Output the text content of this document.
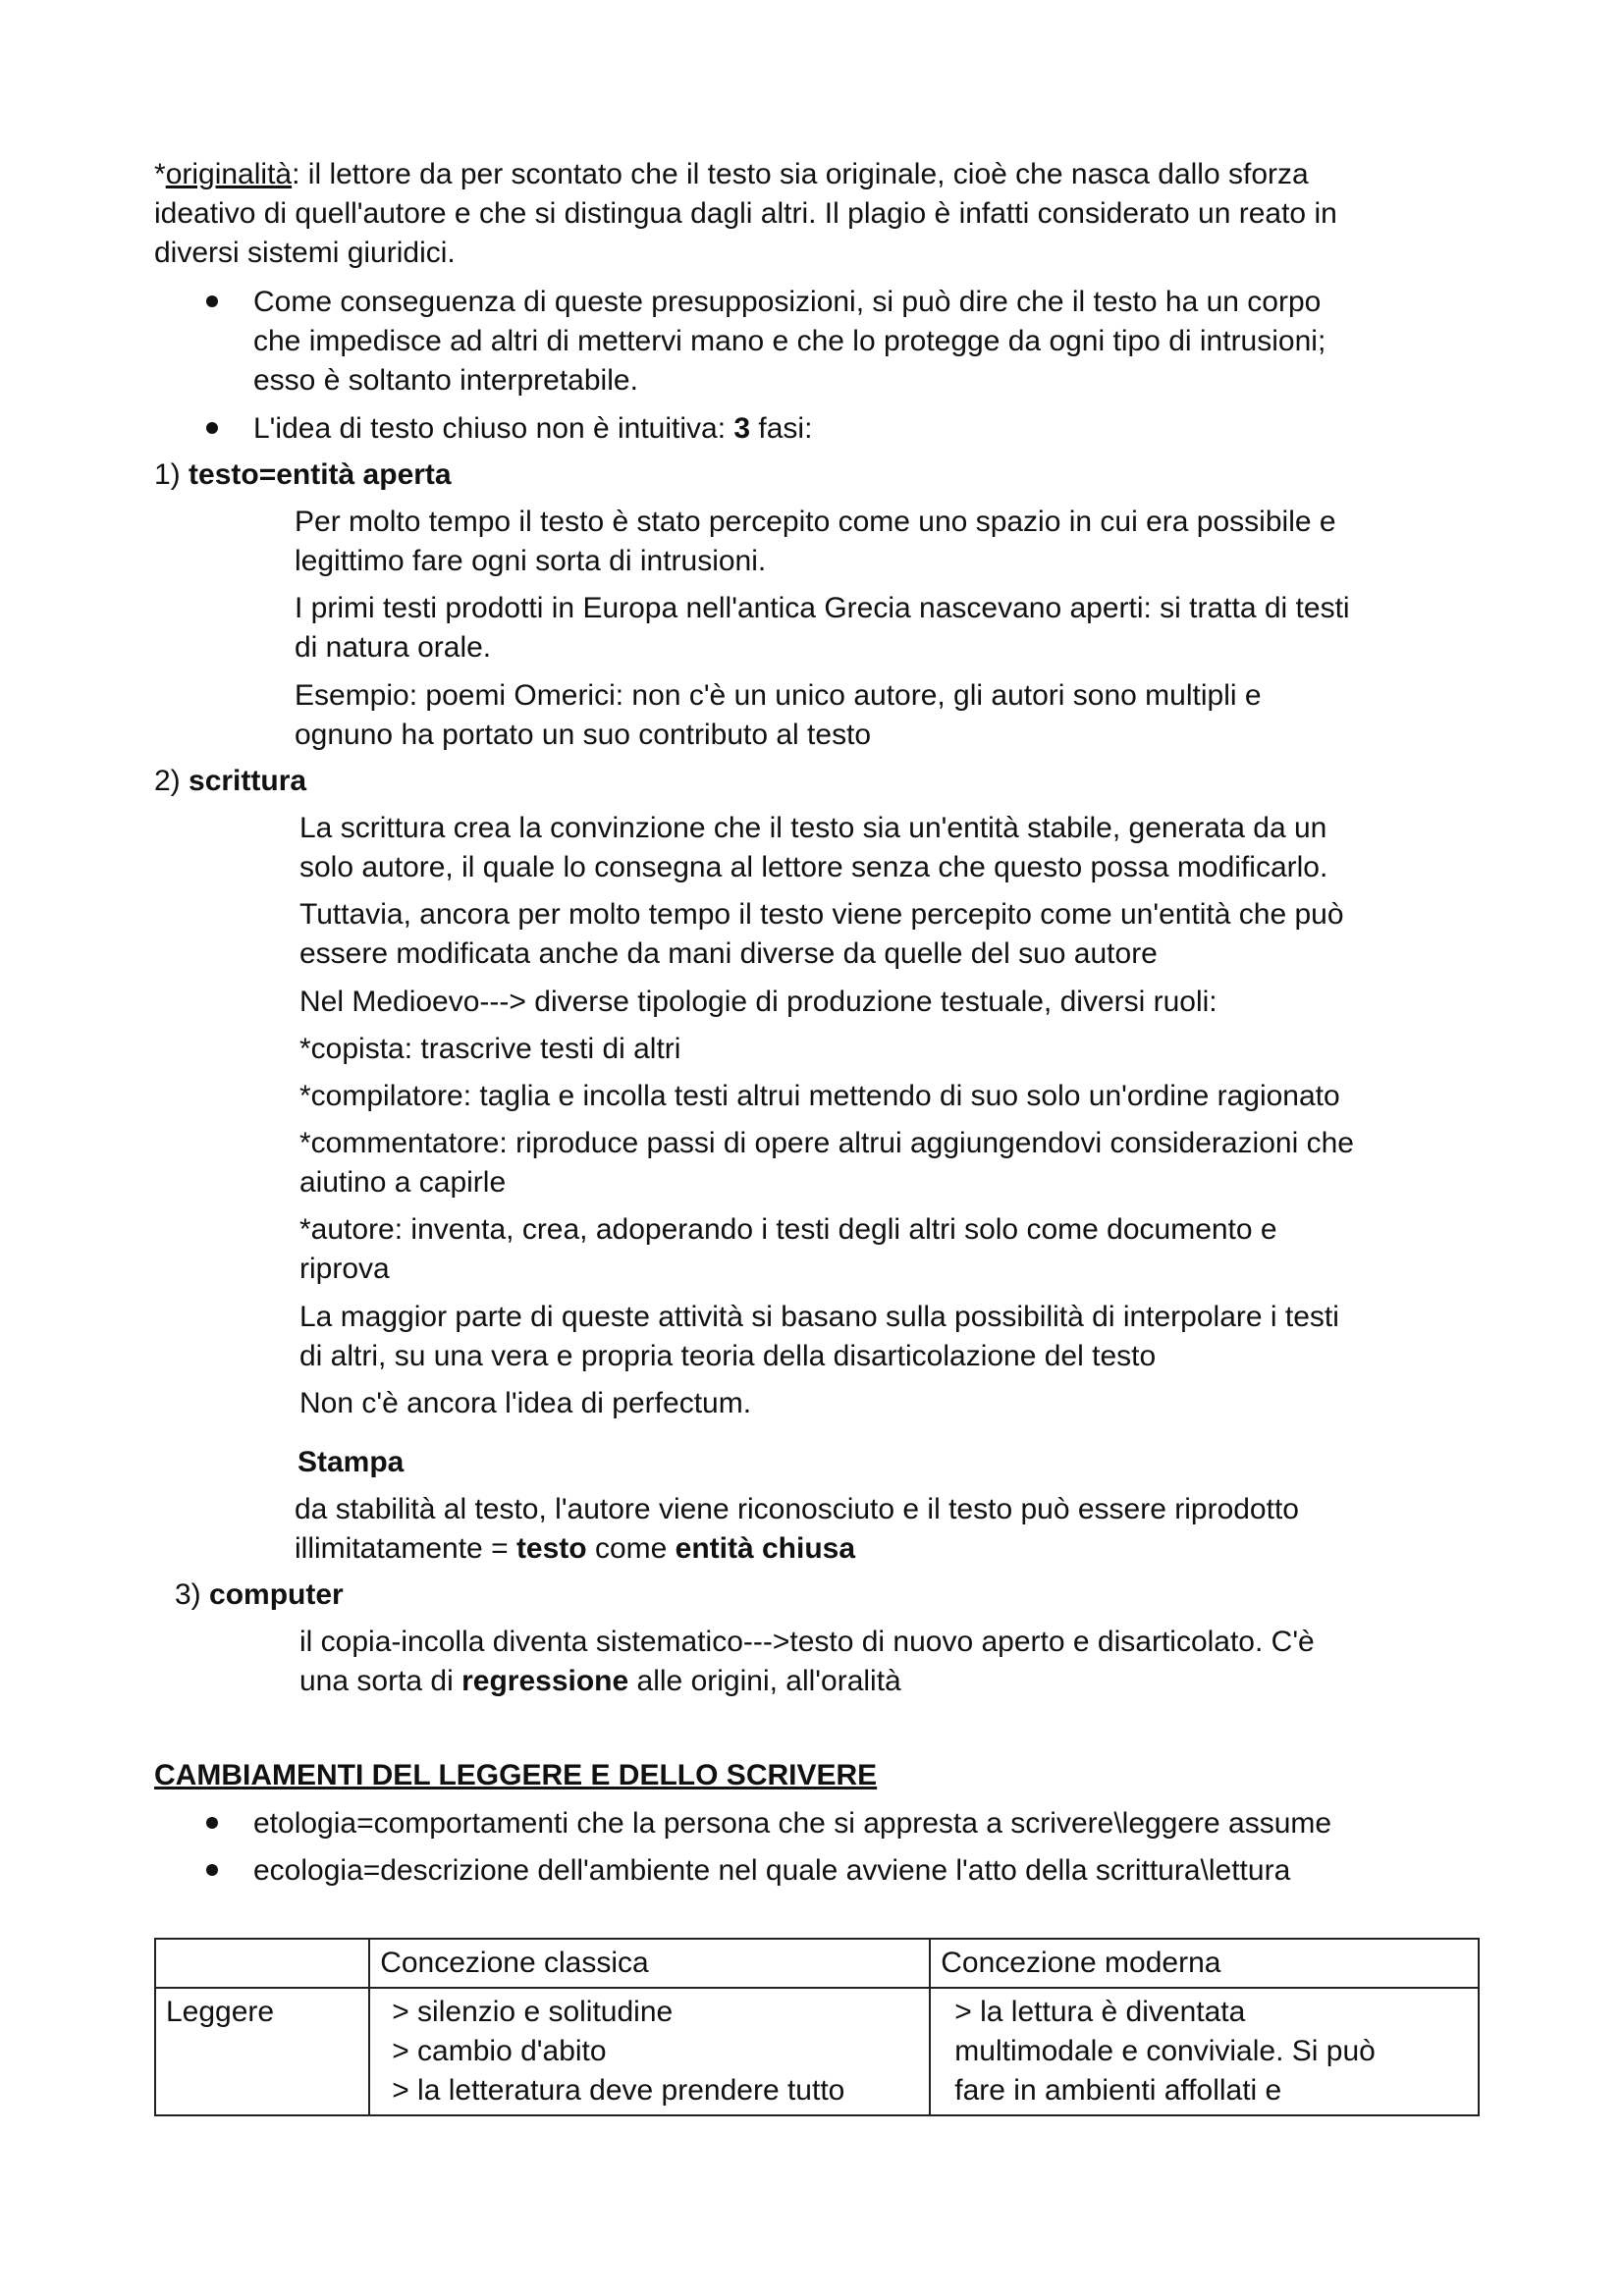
*originalità: il lettore da per scontato che il testo sia originale, cioè che nasca dallo sforza
ideativo di quell'autore e che si distingua dagli altri. Il plagio è infatti considerato un reato in
diversi sistemi giuridici.
Come conseguenza di queste presupposizioni, si può dire che il testo ha un corpo
che impedisce ad altri di mettervi mano e che lo protegge da ogni tipo di intrusioni;
esso è soltanto interpretabile.
L'idea di testo chiuso non è intuitiva: 3 fasi:
1) testo=entità aperta
Per molto tempo il testo è stato percepito come uno spazio in cui era possibile e
legittimo fare ogni sorta di intrusioni.
I primi testi prodotti in Europa nell'antica Grecia nascevano aperti: si tratta di testi
di natura orale.
Esempio: poemi Omerici: non c'è un unico autore, gli autori sono multipli e
ognuno ha portato un suo contributo al testo
2) scrittura
La scrittura crea la convinzione che il testo sia un'entità stabile, generata da un
solo autore, il quale lo consegna al lettore senza che questo possa modificarlo.
Tuttavia, ancora per molto tempo il testo viene percepito come un'entità che può
essere modificata anche da mani diverse da quelle del suo autore
Nel Medioevo---> diverse tipologie di produzione testuale, diversi ruoli:
*copista: trascrive testi di altri
*compilatore: taglia e incolla testi altrui mettendo di suo solo un'ordine ragionato
*commentatore: riproduce passi di opere altrui aggiungendovi considerazioni che
aiutino a capirle
*autore: inventa, crea, adoperando i testi degli altri solo come documento e
riprova
La maggior parte di queste attività si basano sulla possibilità di interpolare i testi
di altri, su una vera e propria teoria della disarticolazione del testo
Non c'è ancora l'idea di perfectum.
Stampa
da stabilità al testo, l'autore viene riconosciuto e il testo può essere riprodotto
illimitatamente = testo come entità chiusa
3) computer
il copia-incolla diventa sistematico--->testo di nuovo aperto e disarticolato. C'è
una sorta di regressione alle origini, all'oralità
CAMBIAMENTI DEL LEGGERE E DELLO SCRIVERE
etologia=comportamenti che la persona che si appresta a scrivere\leggere assume
ecologia=descrizione dell'ambiente nel quale avviene l'atto della scrittura\lettura
	Concezione classica	Concezione moderna
Leggere	> silenzio e solitudine
> cambio d'abito
> la letteratura deve prendere tutto	> la lettura è diventata
multimodale e conviviale. Si può
fare in ambienti affollati e
